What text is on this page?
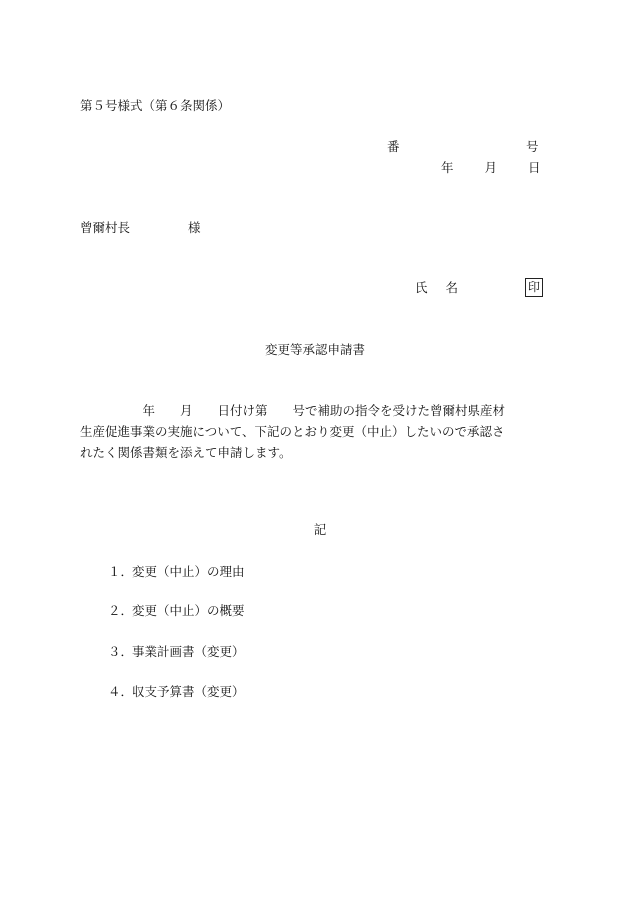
第５号様式（第６条関係）
番	号
年 月 日
曾爾村長	様
氏 名	印
変更等承認申請書

　　　　　年　　月　　日付け第　　号で補助の指令を受けた曾爾村県産材

生産促進事業の実施について、下記のとおり変更（中止）したいので承認さ

れたく関係書類を添えて申請します。

記
１．変更（中止）の理由
２．変更（中止）の概要
３．事業計画書（変更）
４．収支予算書（変更）
